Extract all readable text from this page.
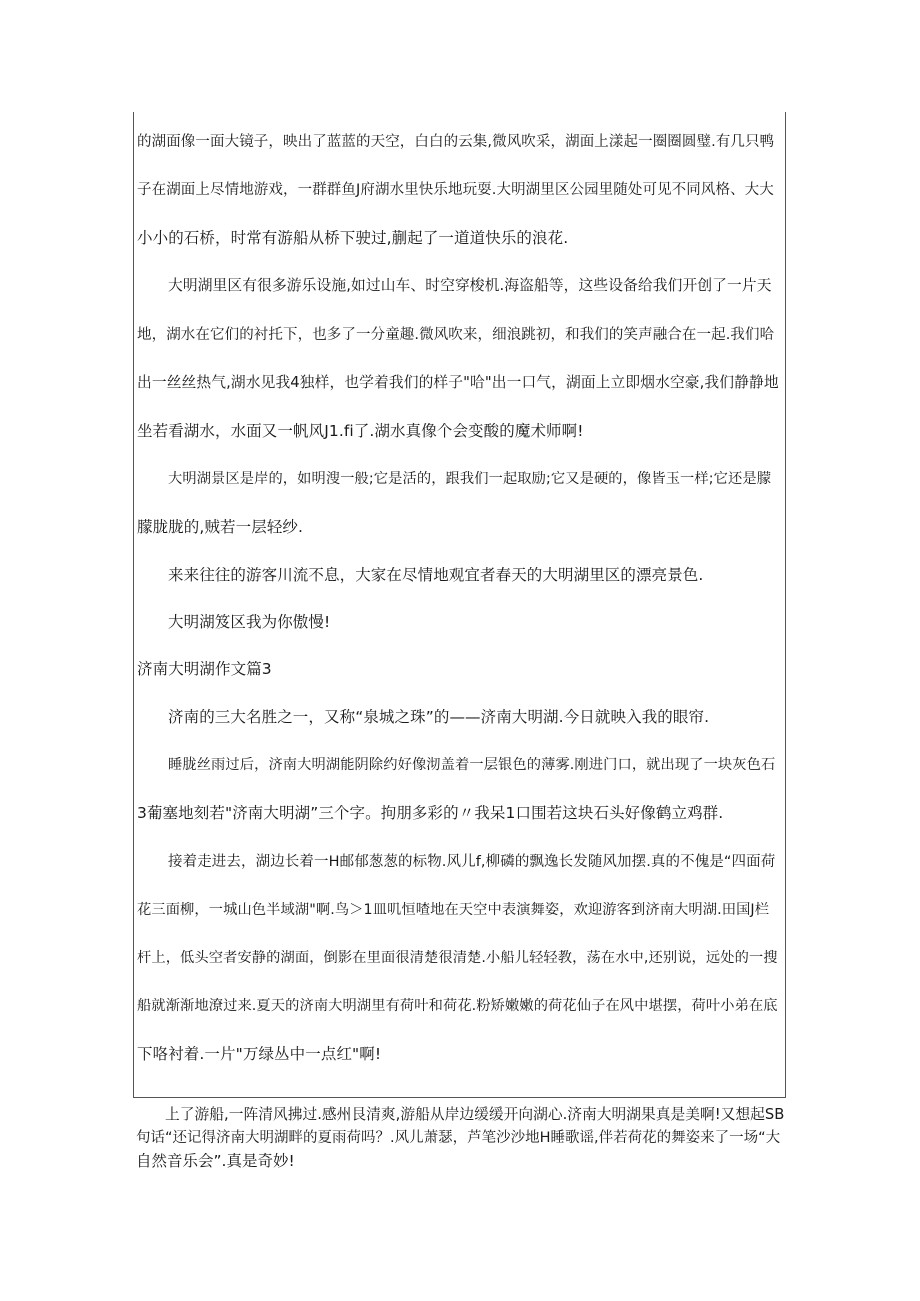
的湖面像一面大镜子，映出了蓝蓝的天空，白白的云集,微风吹采，湖面上漾起一圈圈圆璧.有几只鸭
子在湖面上尽情地游戏，一群群鱼J府湖水里快乐地玩耍.大明湖里区公园里随处可见不同风格、大大
小小的石桥，时常有游船从桥下驶过,蒯起了一道道快乐的浪花.
大明湖里区有很多游乐设施,如过山车、时空穿梭机.海盗船等，这些设备给我们开创了一片天
地，湖水在它们的衬托下，也多了一分童趣.微风吹来，细浪跳初，和我们的笑声融合在一起.我们哈
出一丝丝热气,湖水见我4独样，也学着我们的样子"哈"出一口气，湖面上立即烟水空豪,我们静静地
坐若看湖水，水面又一帆风J1.fi了.湖水真像个会变酸的魔术师啊!
大明湖景区是岸的，如明溲一般;它是活的，跟我们一起取励;它又是硬的，像皆玉一样;它还是朦
朦胧胧的,贼若一层轻纱.
来来往往的游客川流不息，大家在尽情地观宜者春天的大明湖里区的漂亮景色.
大明湖笈区我为你傲慢!
济南大明湖作文篇3
济南的三大名胜之一，又称“泉城之珠”的——济南大明湖.今日就映入我的眼帘.
睡胧丝雨过后，济南大明湖能阴除约好像沏盖着一层银色的薄雾.刚进门口，就出现了一块灰色石
3葡塞地刻若"济南大明湖”三个字。拘朋多彩的〃我呆1口围若这块石头好像鹤立鸡群.
接着走进去，湖边长着一H邮郁葱葱的标物.风儿f,柳磷的飘逸长发随风加摆.真的不傀是“四面荷
花三面柳，一城山色半域湖"啊.鸟＞1皿叽恒喳地在天空中表演舞姿，欢迎游客到济南大明湖.田国J栏
杆上，低头空者安静的湖面，倒影在里面很清楚很清楚.小船儿轻轻教，荡在水中,还别说，远处的一搜
船就渐渐地潦过来.夏天的济南大明湖里有荷叶和荷花.粉矫嫩嫩的荷花仙子在风中堪摆，荷叶小弟在底
下咯衬着.一片"万绿丛中一点红"啊!
上了游船,一阵清风拂过.感州艮清爽,游船从岸边缓缓开向湖心.济南大明湖果真是美啊!又想起SB
句话“还记得济南大明湖畔的夏雨荷吗？.风儿萧瑟，芦笔沙沙地H睡歌谣,伴若荷花的舞姿来了一场“大
自然音乐会”.真是奇妙!
